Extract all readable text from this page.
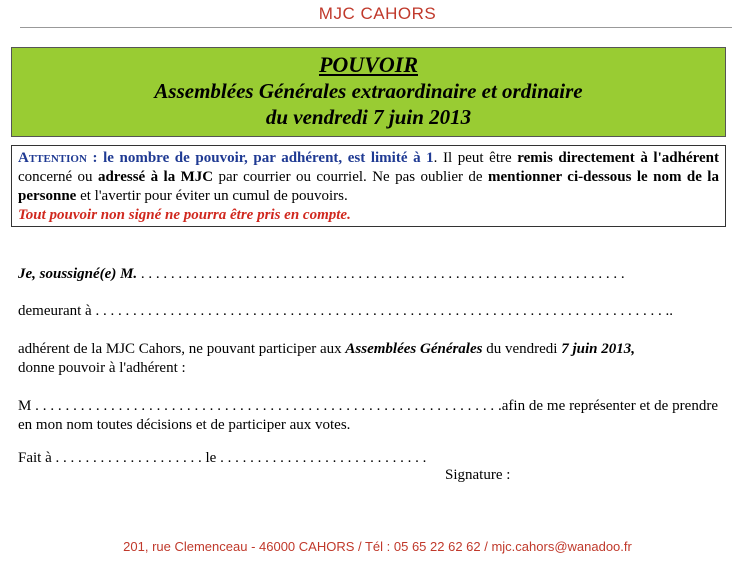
MJC CAHORS
POUVOIR
Assemblées Générales extraordinaire et ordinaire
du vendredi 7 juin 2013
Attention : le nombre de pouvoir, par adhérent, est limité à 1. Il peut être remis directement à l'adhérent concerné ou adressé à la MJC par courrier ou courriel. Ne pas oublier de mentionner ci-dessous le nom de la personne et l'avertir pour éviter un cumul de pouvoirs.
Tout pouvoir non signé ne pourra être pris en compte.
Je, soussigné(e) M. . . . . . . . . . . . . . . . . . . . . . . . . . . . . . . . . . . . . . . . . . . . . . . . . . . . . . . . . . . . . . . . . .
demeurant à . . . . . . . . . . . . . . . . . . . . . . . . . . . . . . . . . . . . . . . . . . . . . . . . . . . . . . . . . . . . . . . . . . . . . . . . . . . . ..
adhérent de la MJC Cahors, ne pouvant participer aux Assemblées Générales du vendredi 7 juin 2013,
donne pouvoir à l'adhérent :
M . . . . . . . . . . . . . . . . . . . . . . . . . . . . . . . . . . . . . . . . . . . . . . . . . . . . . . . . . . . . . .afin de me représenter et de prendre en mon nom toutes décisions et de participer aux votes.
Fait à . . . . . . . . . . . . . . . . . . . . le . . . . . . . . . . . . . . . . . . . . . . . . . . . .
Signature :
201, rue Clemenceau - 46000 CAHORS / Tél : 05 65 22 62 62 / mjc.cahors@wanadoo.fr
